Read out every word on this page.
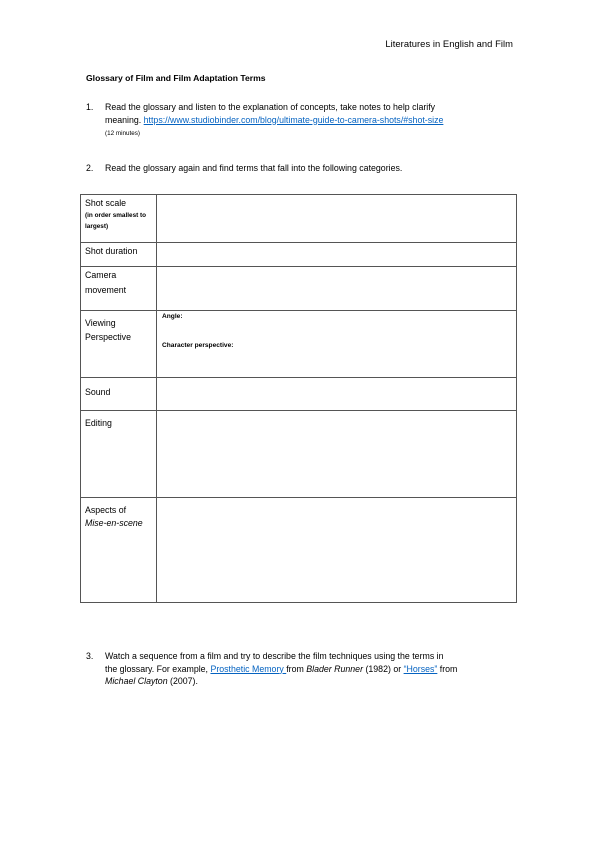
Literatures in English and Film
Glossary of Film and Film Adaptation Terms
1. Read the glossary and listen to the explanation of concepts, take notes to help clarify
meaning. https://www.studiobinder.com/blog/ultimate-guide-to-camera-shots/#shot-size
(12 minutes)
2. Read the glossary again and find terms that fall into the following categories.
Shot scale
(in order smallest to largest)	

Shot duration	

Camera
movement	

Viewing
Perspective	Angle:
Character perspective:

Sound	

Editing	

Aspects of
Mise-en-scene	

3. Watch a sequence from a film and try to describe the film techniques using the terms in
the glossary. For example, Prosthetic Memory from Blader Runner (1982) or “Horses” from
Michael Clayton (2007).
